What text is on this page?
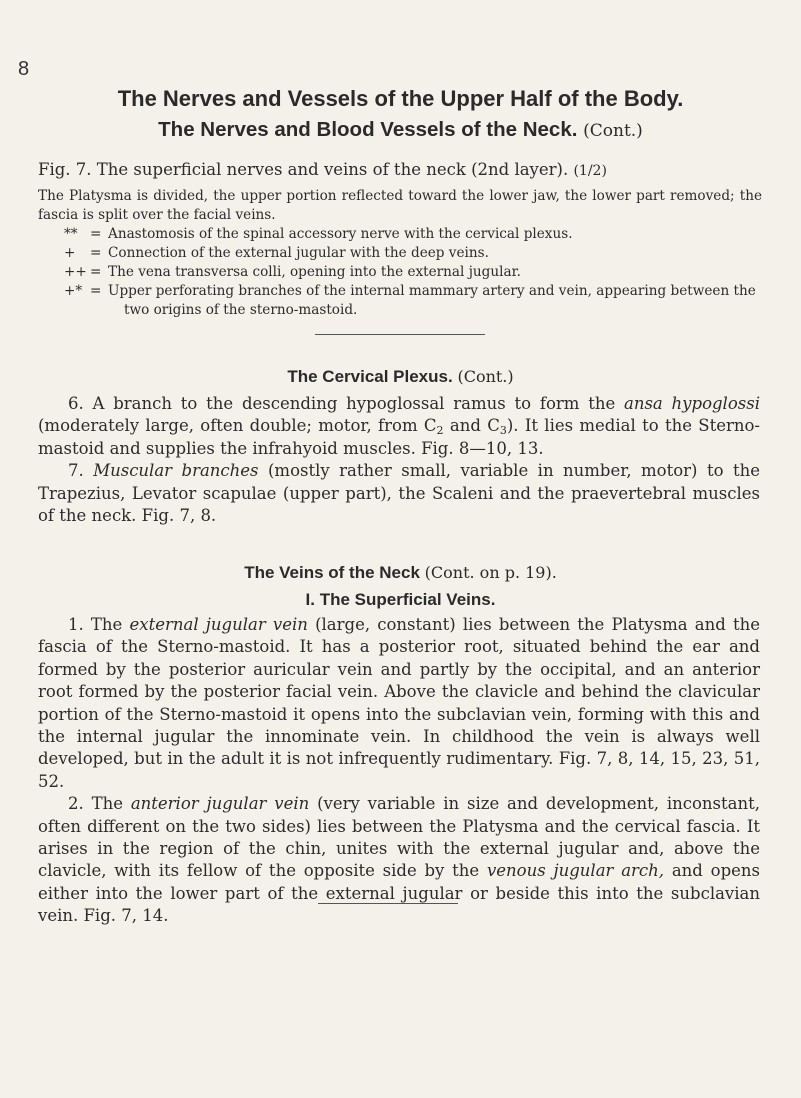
8
The Nerves and Vessels of the Upper Half of the Body.
The Nerves and Blood Vessels of the Neck. (Cont.)
Fig. 7. The superficial nerves and veins of the neck (2nd layer). (1/2)
The Platysma is divided, the upper portion reflected toward the lower jaw, the lower part removed; the fascia is split over the facial veins.
** = Anastomosis of the spinal accessory nerve with the cervical plexus.
+ = Connection of the external jugular with the deep veins.
++ = The vena transversa colli, opening into the external jugular.
+* = Upper perforating branches of the internal mammary artery and vein, appearing between the two origins of the sterno-mastoid.
The Cervical Plexus. (Cont.)

6. A branch to the descending hypoglossal ramus to form the ansa hypoglossi (moderately large, often double; motor, from $C_2$ and $C_3$). It lies medial to the Sterno-mastoid and supplies the infrahyoid muscles. Fig. 8—10, 13.

7. Muscular branches (mostly rather small, variable in number, motor) to the Trapezius, Levator scapulae (upper part), the Scaleni and the praevertebral muscles of the neck. Fig. 7, 8.

The Veins of the Neck (Cont. on p. 19).
I. The Superficial Veins.

1. The external jugular vein (large, constant) lies between the Platysma and the fascia of the Sterno-mastoid. It has a posterior root, situated behind the ear and formed by the posterior auricular vein and partly by the occipital, and an anterior root formed by the posterior facial vein. Above the clavicle and behind the clavicular portion of the Sterno-mastoid it opens into the subclavian vein, forming with this and the internal jugular the innominate vein. In childhood the vein is always well developed, but in the adult it is not infrequently rudimentary. Fig. 7, 8, 14, 15, 23, 51, 52.

2. The anterior jugular vein (very variable in size and development, inconstant, often different on the two sides) lies between the Platysma and the cervical fascia. It arises in the region of the chin, unites with the external jugular and, above the clavicle, with its fellow of the opposite side by the venous jugular arch, and opens either into the lower part of the external jugular or beside this into the subclavian vein. Fig. 7, 14.
